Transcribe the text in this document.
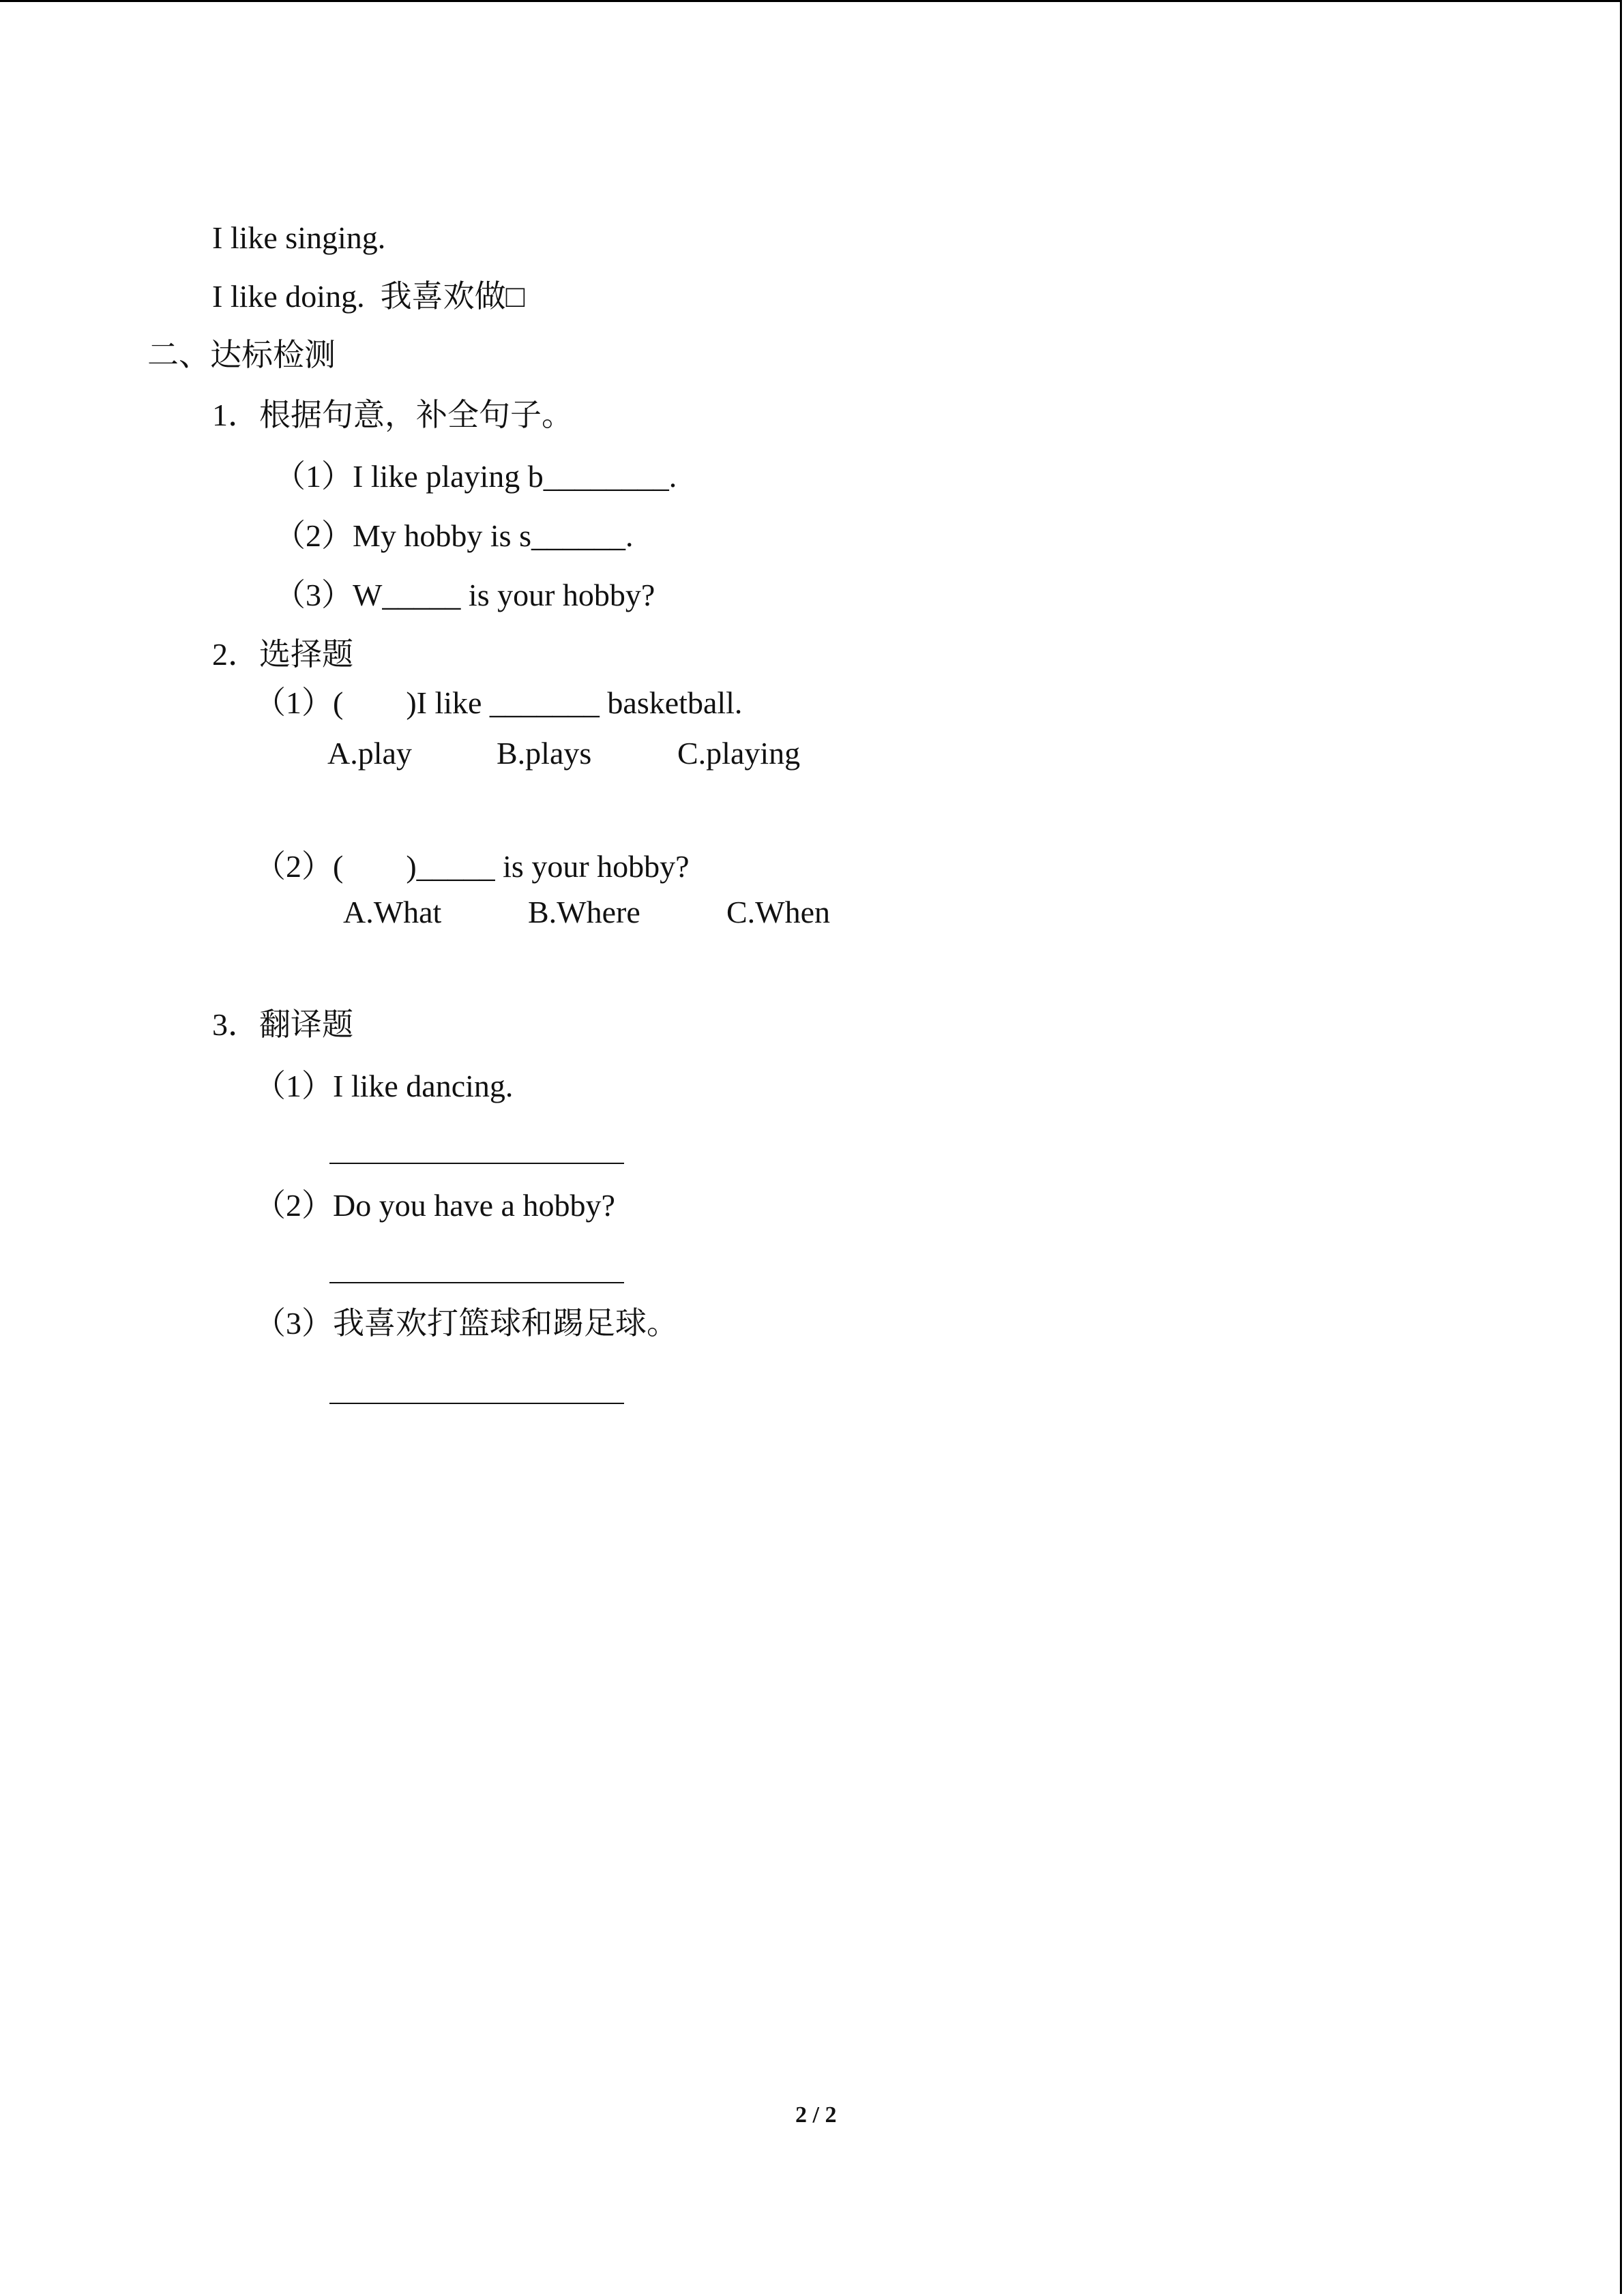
I like singing.
I like doing.  我喜欢做□
二、达标检测
1．根据句意，补全句子。
（1）I like playing b________.
（2）My hobby is s______.
（3）W_____ is your hobby?
2．选择题
（1）(        )I like _______ basketball.
A.play	B.plays	C.playing
（2）(        )_____ is your hobby?
A.What	B.Where	C.When
3．翻译题
（1）I like dancing.
（2）Do you have a hobby?
（3）我喜欢打篮球和踢足球。
2 / 2
